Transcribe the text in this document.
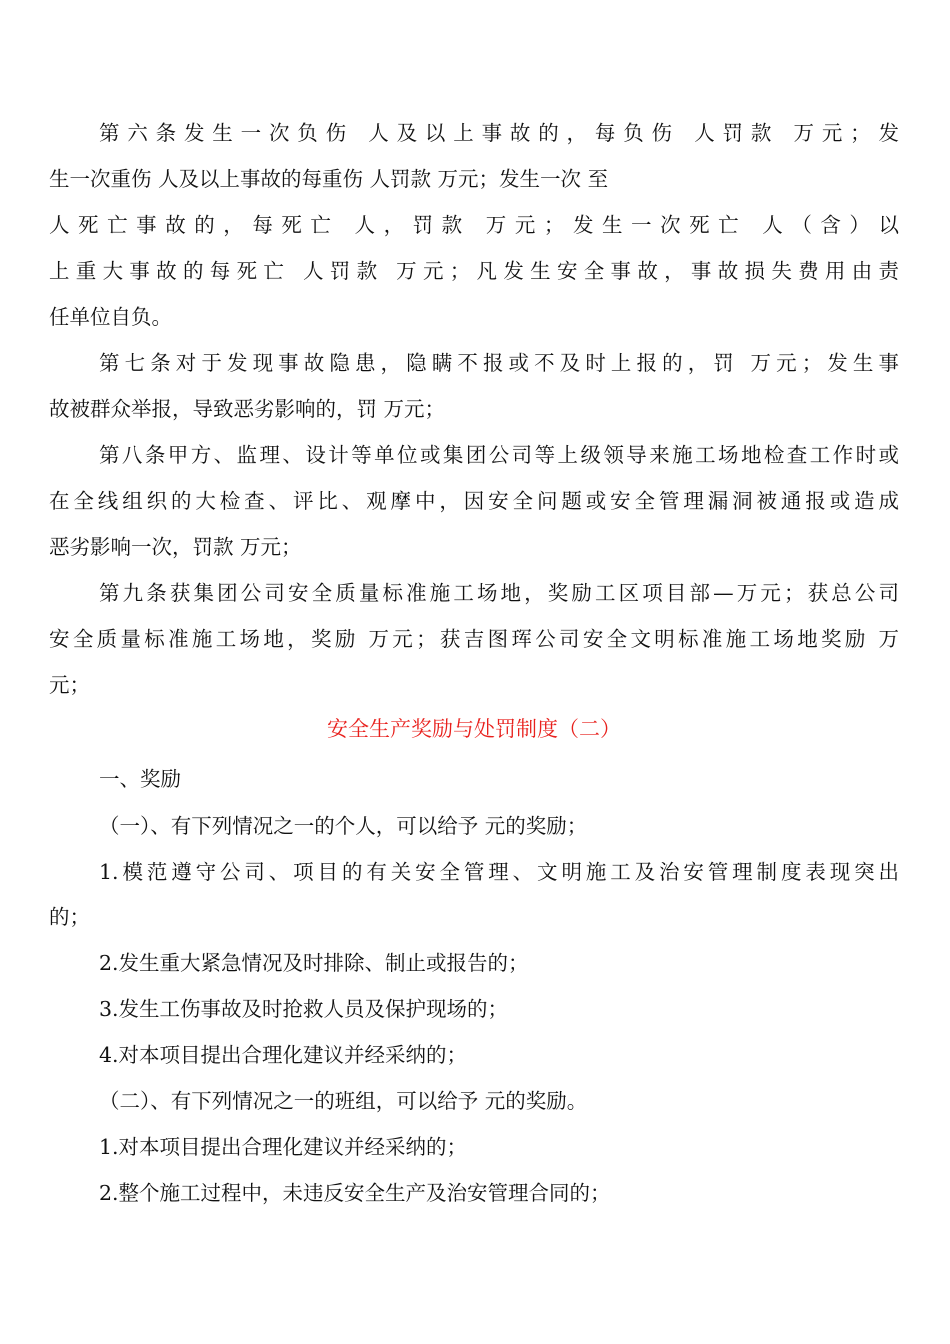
第六条发生一次负伤 人及以上事故的，每负伤 人罚款 万元；发
生一次重伤 人及以上事故的每重伤 人罚款 万元；发生一次 至
人死亡事故的，每死亡 人，罚款 万元；发生一次死亡 人（含）以
上重大事故的每死亡 人罚款 万元；凡发生安全事故，事故损失费用由责
任单位自负。
第七条对于发现事故隐患，隐瞒不报或不及时上报的，罚 万元；发生事
故被群众举报，导致恶劣影响的，罚 万元；
第八条甲方、监理、设计等单位或集团公司等上级领导来施工场地检查工作时或
在全线组织的大检查、评比、观摩中，因安全问题或安全管理漏洞被通报或造成
恶劣影响一次，罚款 万元；
第九条获集团公司安全质量标准施工场地，奖励工区项目部—万元；获总公司
安全质量标准施工场地，奖励 万元；获吉图珲公司安全文明标准施工场地奖励 万
元；
安全生产奖励与处罚制度（二）
一、奖励
（一）、有下列情况之一的个人，可以给予 元的奖励；
1.模范遵守公司、项目的有关安全管理、文明施工及治安管理制度表现突出
的；
2.发生重大紧急情况及时排除、制止或报告的；
3.发生工伤事故及时抢救人员及保护现场的；
4.对本项目提出合理化建议并经采纳的；
（二）、有下列情况之一的班组，可以给予 元的奖励。
1.对本项目提出合理化建议并经采纳的；
2.整个施工过程中，未违反安全生产及治安管理合同的；
